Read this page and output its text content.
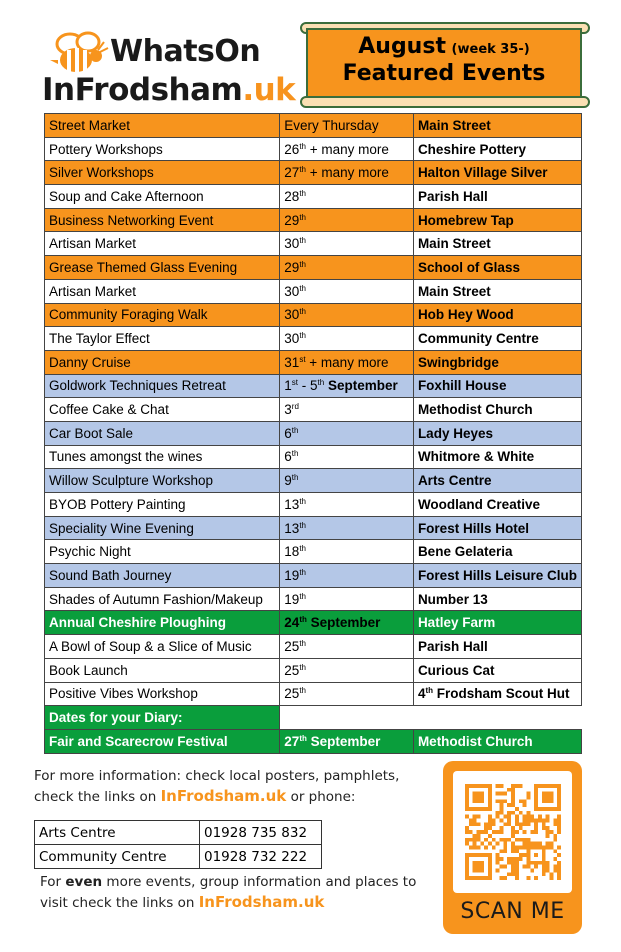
WhatsOn
InFrodsham.uk
August (week 35-)
Featured Events
Street Market	Every Thursday	Main Street
Pottery Workshops	26th + many more	Cheshire Pottery
Silver Workshops	27th + many more	Halton Village Silver
Soup and Cake Afternoon	28th	Parish Hall
Business Networking Event	29th	Homebrew Tap
Artisan Market	30th	Main Street
Grease Themed Glass Evening	29th	School of Glass
Artisan Market	30th	Main Street
Community Foraging Walk	30th	Hob Hey Wood
The Taylor Effect	30th	Community Centre
Danny Cruise	31st + many more	Swingbridge
Goldwork Techniques Retreat	1st - 5th September	Foxhill House
Coffee Cake & Chat	3rd	Methodist Church
Car Boot Sale	6th	Lady Heyes
Tunes amongst the wines	6th	Whitmore & White
Willow Sculpture Workshop	9th	Arts Centre
BYOB Pottery Painting	13th	Woodland Creative
Speciality Wine Evening	13th	Forest Hills Hotel
Psychic Night	18th	Bene Gelateria
Sound Bath Journey	19th	Forest Hills Leisure Club
Shades of Autumn Fashion/Makeup	19th	Number 13
Annual Cheshire Ploughing	24th September	Hatley Farm
A Bowl of Soup & a Slice of Music	25th	Parish Hall
Book Launch	25th	Curious Cat
Positive Vibes Workshop	25th	4th Frodsham Scout Hut
Dates for your Diary:		
Fair and Scarecrow Festival	27th September	Methodist Church
For more information: check local posters, pamphlets,
check the links on InFrodsham.uk or phone:
Arts Centre	01928 735 832
Community Centre	01928 732 222
For even more events, group information and places to
visit check the links on InFrodsham.uk	SCAN ME
